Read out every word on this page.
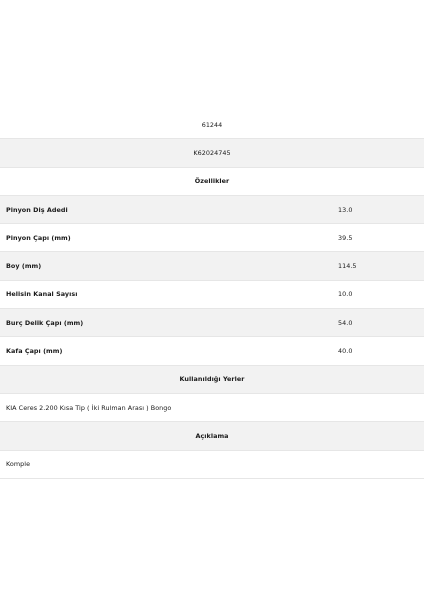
61244
K62024745
Özellikler
Pinyon Diş Adedi	13.0
Pinyon Çapı (mm)	39.5
Boy (mm)	114.5
Helisin Kanal Sayısı	10.0
Burç Delik Çapı (mm)	54.0
Kafa Çapı (mm)	40.0
Kullanıldığı Yerler
KIA Ceres 2.200 Kısa Tip ( İki Rulman Arası ) Bongo
Açıklama
Komple
